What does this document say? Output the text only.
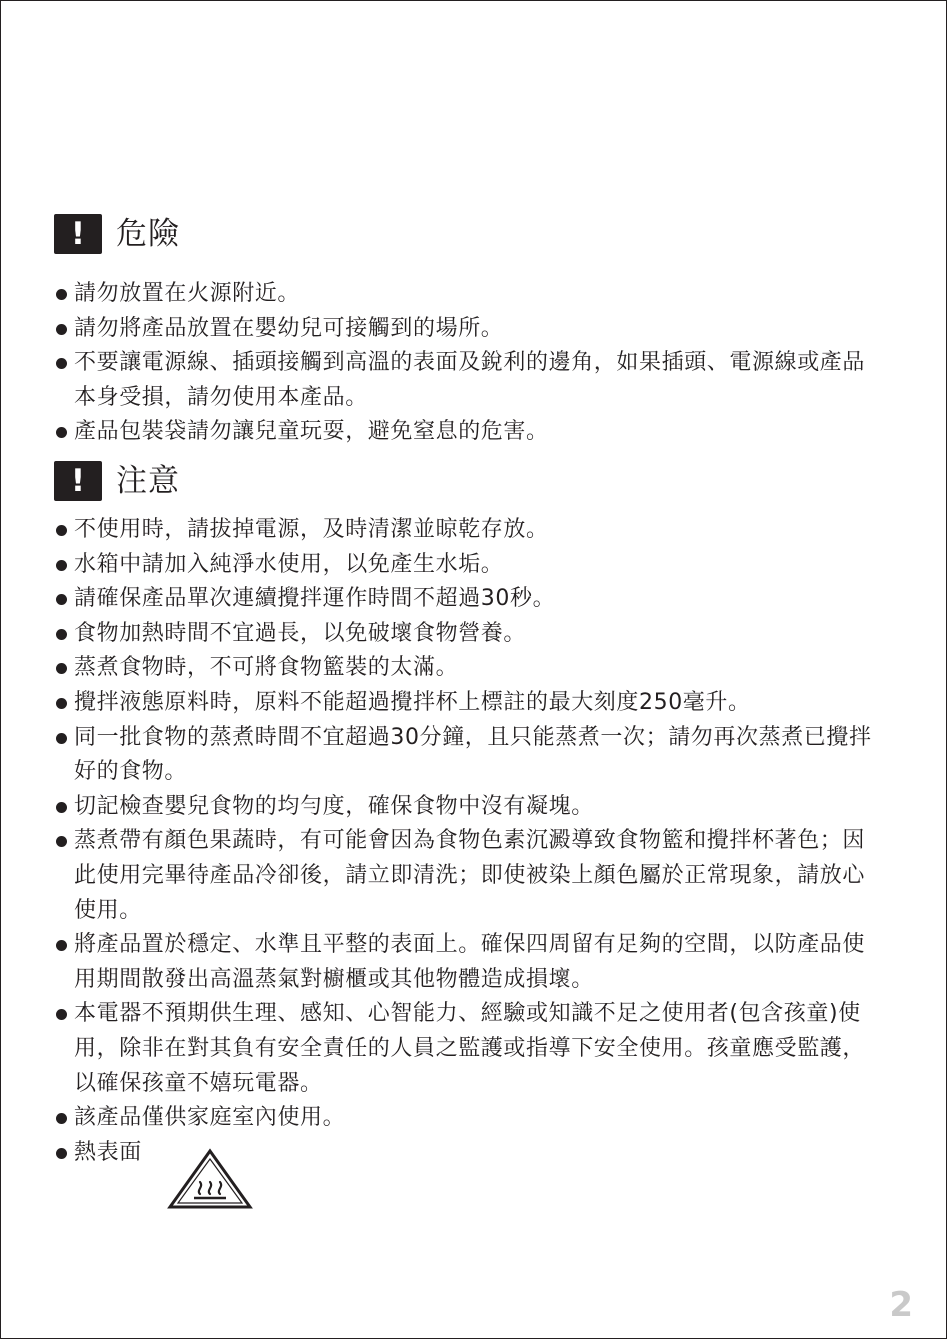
! 危險
請勿放置在火源附近。
請勿將產品放置在嬰幼兒可接觸到的場所。
不要讓電源線、插頭接觸到高溫的表面及銳利的邊角，如果插頭、電源線或產品本身受損，請勿使用本產品。
產品包裝袋請勿讓兒童玩耍，避免窒息的危害。
! 注意
不使用時，請拔掉電源，及時清潔並晾乾存放。
水箱中請加入純淨水使用，以免產生水垢。
請確保產品單次連續攪拌運作時間不超過30秒。
食物加熱時間不宜過長，以免破壞食物營養。
蒸煮食物時，不可將食物籃裝的太滿。
攪拌液態原料時，原料不能超過攪拌杯上標註的最大刻度250毫升。
同一批食物的蒸煮時間不宜超過30分鐘，且只能蒸煮一次；請勿再次蒸煮已攪拌好的食物。
切記檢查嬰兒食物的均勻度，確保食物中沒有凝塊。
蒸煮帶有顏色果蔬時，有可能會因為食物色素沉澱導致食物籃和攪拌杯著色；因此使用完畢待產品冷卻後，請立即清洗；即使被染上顏色屬於正常現象，請放心使用。
將產品置於穩定、水準且平整的表面上。確保四周留有足夠的空間，以防產品使用期間散發出高溫蒸氣對櫥櫃或其他物體造成損壞。
本電器不預期供生理、感知、心智能力、經驗或知識不足之使用者(包含孩童)使用，除非在對其負有安全責任的人員之監護或指導下安全使用。孩童應受監護，以確保孩童不嬉玩電器。
該產品僅供家庭室內使用。
熱表面
2
